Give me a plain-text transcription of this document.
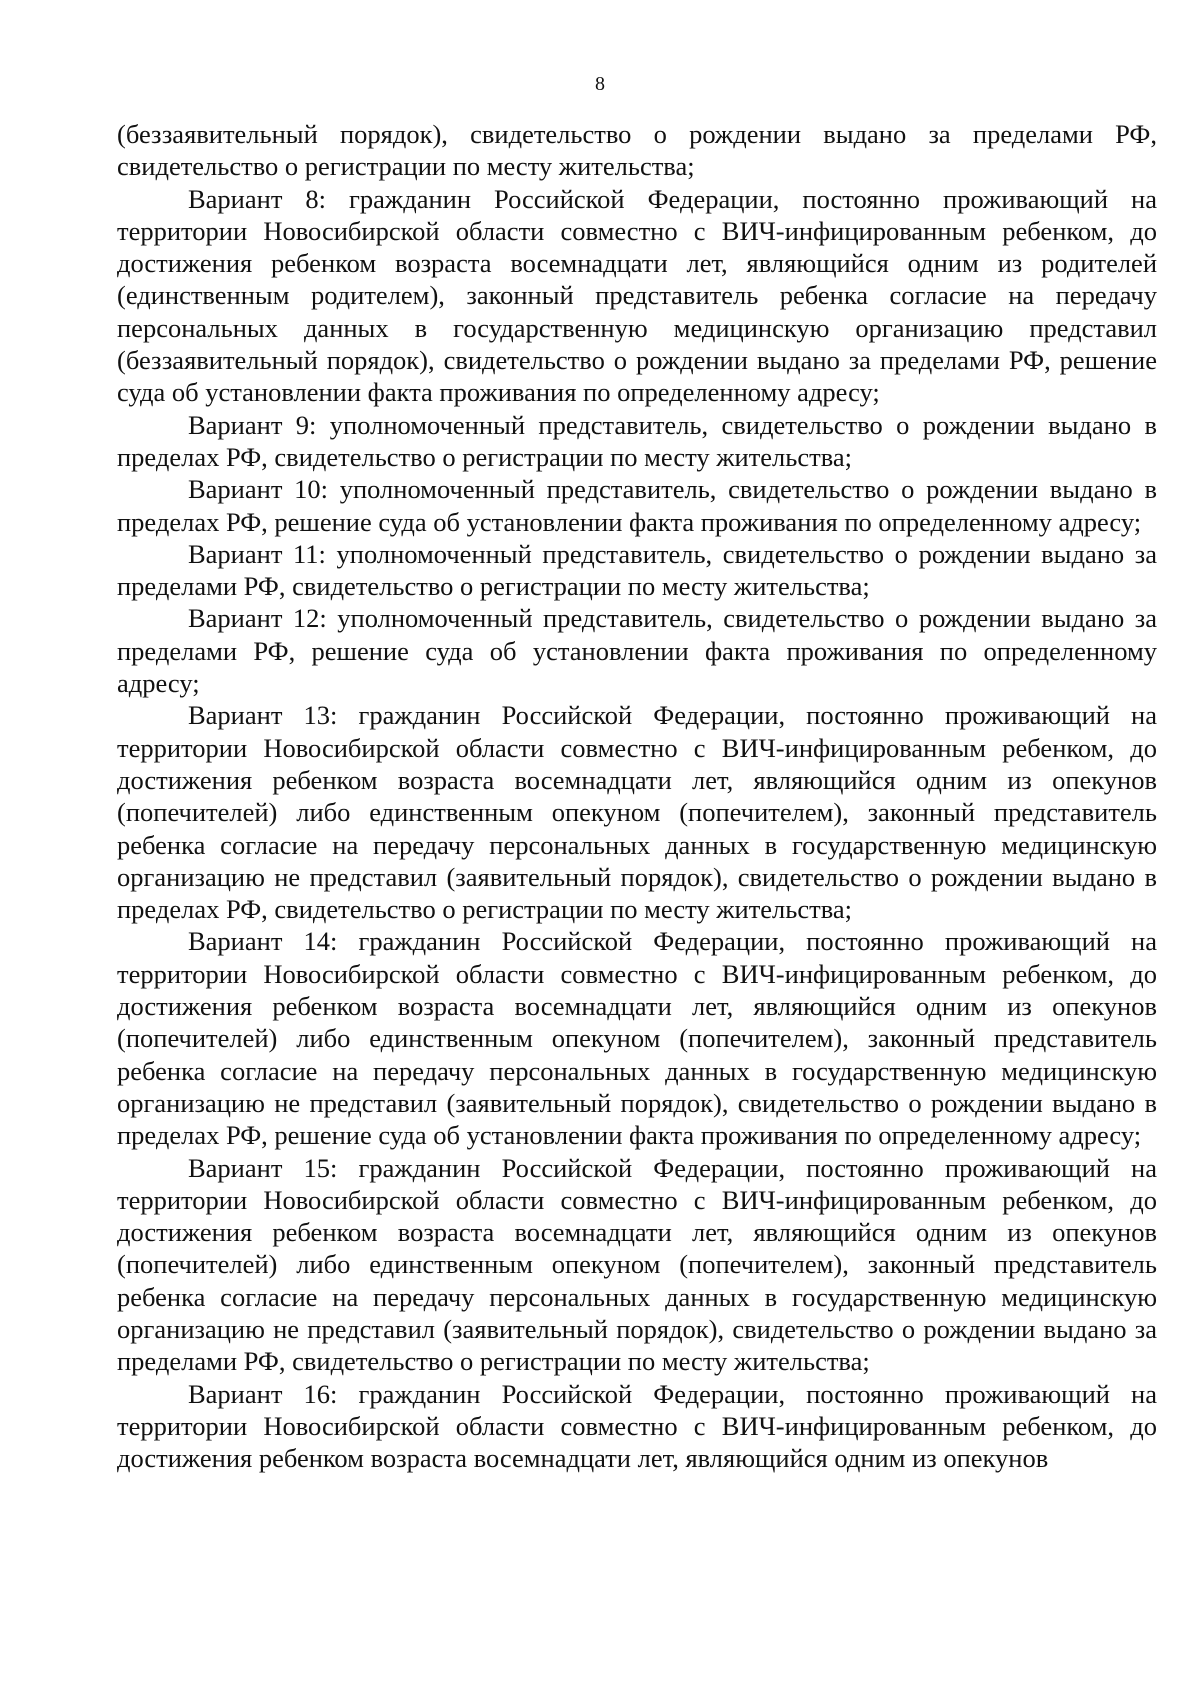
8

(беззаявительный порядок), свидетельство о рождении выдано за пределами РФ, свидетельство о регистрации по месту жительства;

Вариант 8: гражданин Российской Федерации, постоянно проживающий на территории Новосибирской области совместно с ВИЧ-инфицированным ребенком, до достижения ребенком возраста восемнадцати лет, являющийся одним из родителей (единственным родителем), законный представитель ребенка согласие на передачу персональных данных в государственную медицинскую организацию представил (беззаявительный порядок), свидетельство о рождении выдано за пределами РФ, решение суда об установлении факта проживания по определенному адресу;

Вариант 9: уполномоченный представитель, свидетельство о рождении выдано в пределах РФ, свидетельство о регистрации по месту жительства;

Вариант 10: уполномоченный представитель, свидетельство о рождении выдано в пределах РФ, решение суда об установлении факта проживания по определенному адресу;

Вариант 11: уполномоченный представитель, свидетельство о рождении выдано за пределами РФ, свидетельство о регистрации по месту жительства;

Вариант 12: уполномоченный представитель, свидетельство о рождении выдано за пределами РФ, решение суда об установлении факта проживания по определенному адресу;

Вариант 13: гражданин Российской Федерации, постоянно проживающий на территории Новосибирской области совместно с ВИЧ-инфицированным ребенком, до достижения ребенком возраста восемнадцати лет, являющийся одним из опекунов (попечителей) либо единственным опекуном (попечителем), законный представитель ребенка согласие на передачу персональных данных в государственную медицинскую организацию не представил (заявительный порядок), свидетельство о рождении выдано в пределах РФ, свидетельство о регистрации по месту жительства;

Вариант 14: гражданин Российской Федерации, постоянно проживающий на территории Новосибирской области совместно с ВИЧ-инфицированным ребенком, до достижения ребенком возраста восемнадцати лет, являющийся одним из опекунов (попечителей) либо единственным опекуном (попечителем), законный представитель ребенка согласие на передачу персональных данных в государственную медицинскую организацию не представил (заявительный порядок), свидетельство о рождении выдано в пределах РФ, решение суда об установлении факта проживания по определенному адресу;

Вариант 15: гражданин Российской Федерации, постоянно проживающий на территории Новосибирской области совместно с ВИЧ-инфицированным ребенком, до достижения ребенком возраста восемнадцати лет, являющийся одним из опекунов (попечителей) либо единственным опекуном (попечителем), законный представитель ребенка согласие на передачу персональных данных в государственную медицинскую организацию не представил (заявительный порядок), свидетельство о рождении выдано за пределами РФ, свидетельство о регистрации по месту жительства;

Вариант 16: гражданин Российской Федерации, постоянно проживающий на территории Новосибирской области совместно с ВИЧ-инфицированным ребенком, до достижения ребенком возраста восемнадцати лет, являющийся одним из опекунов
